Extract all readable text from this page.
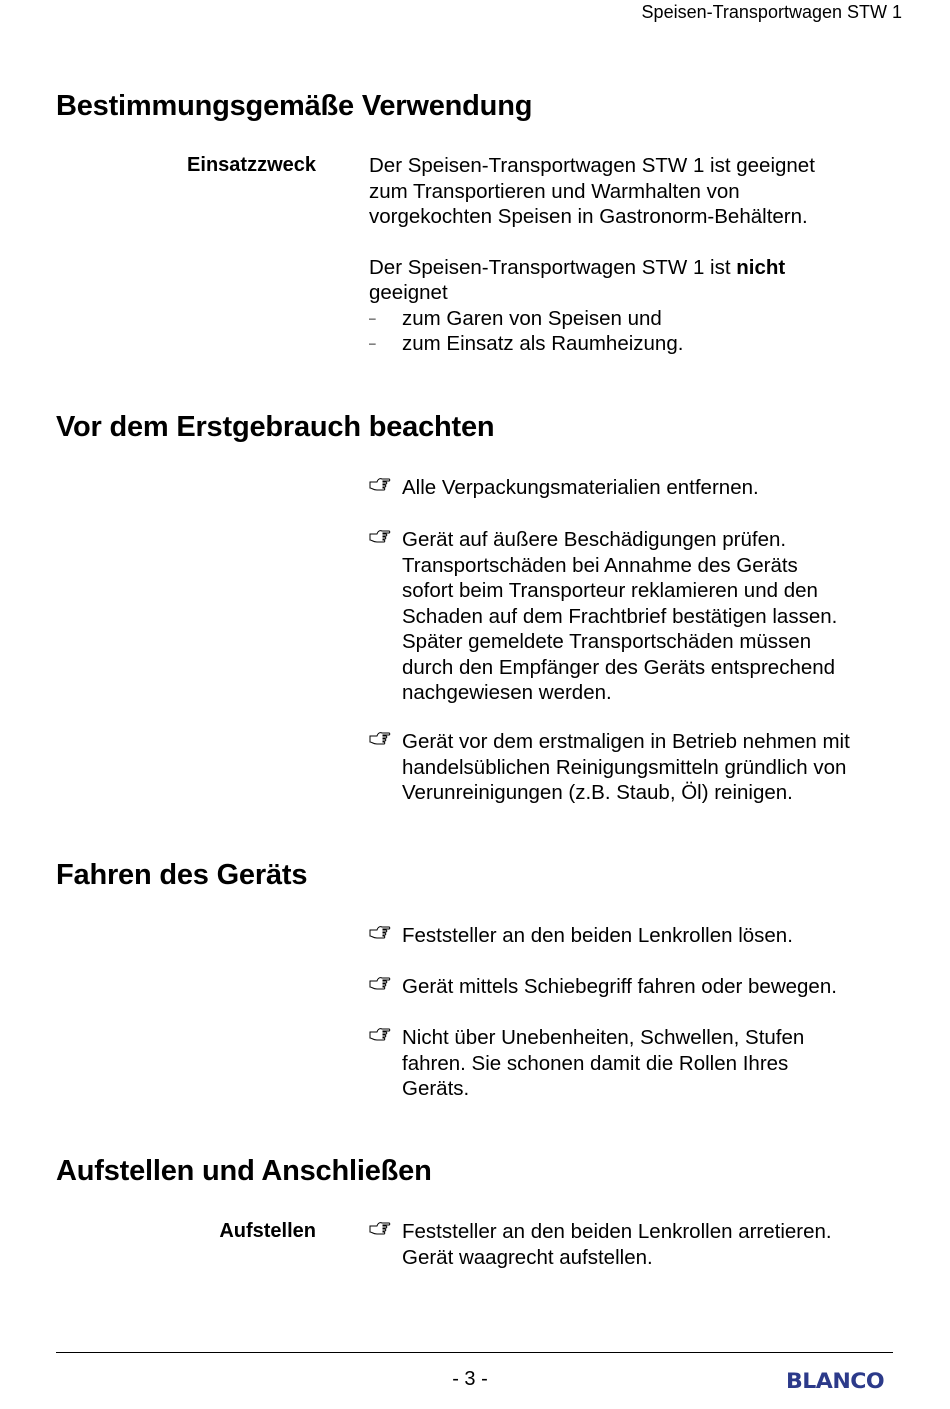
Speisen-Transportwagen STW 1
Bestimmungsgemäße Verwendung
Einsatzzweck	Der Speisen-Transportwagen STW 1 ist geeignet
zum Transportieren und Warmhalten von
vorgekochten Speisen in Gastronorm-Behältern.

Der Speisen-Transportwagen STW 1 ist nicht
geeignet

– zum Garen von Speisen und
– zum Einsatz als Raumheizung.
Vor dem Erstgebrauch beachten
Alle Verpackungsmaterialien entfernen.
Gerät auf äußere Beschädigungen prüfen.
Transportschäden bei Annahme des Geräts
sofort beim Transporteur reklamieren und den
Schaden auf dem Frachtbrief bestätigen lassen.
Später gemeldete Transportschäden müssen
durch den Empfänger des Geräts entsprechend
nachgewiesen werden.
Gerät vor dem erstmaligen in Betrieb nehmen mit
handelsüblichen Reinigungsmitteln gründlich von
Verunreinigungen (z.B. Staub, Öl) reinigen.
Fahren des Geräts
Feststeller an den beiden Lenkrollen lösen.
Gerät mittels Schiebegriff fahren oder bewegen.
Nicht über Unebenheiten, Schwellen, Stufen
fahren. Sie schonen damit die Rollen Ihres
Geräts.
Aufstellen und Anschließen
Aufstellen	Feststeller an den beiden Lenkrollen arretieren.
Gerät waagrecht aufstellen.
- 3 -	BLANCO
